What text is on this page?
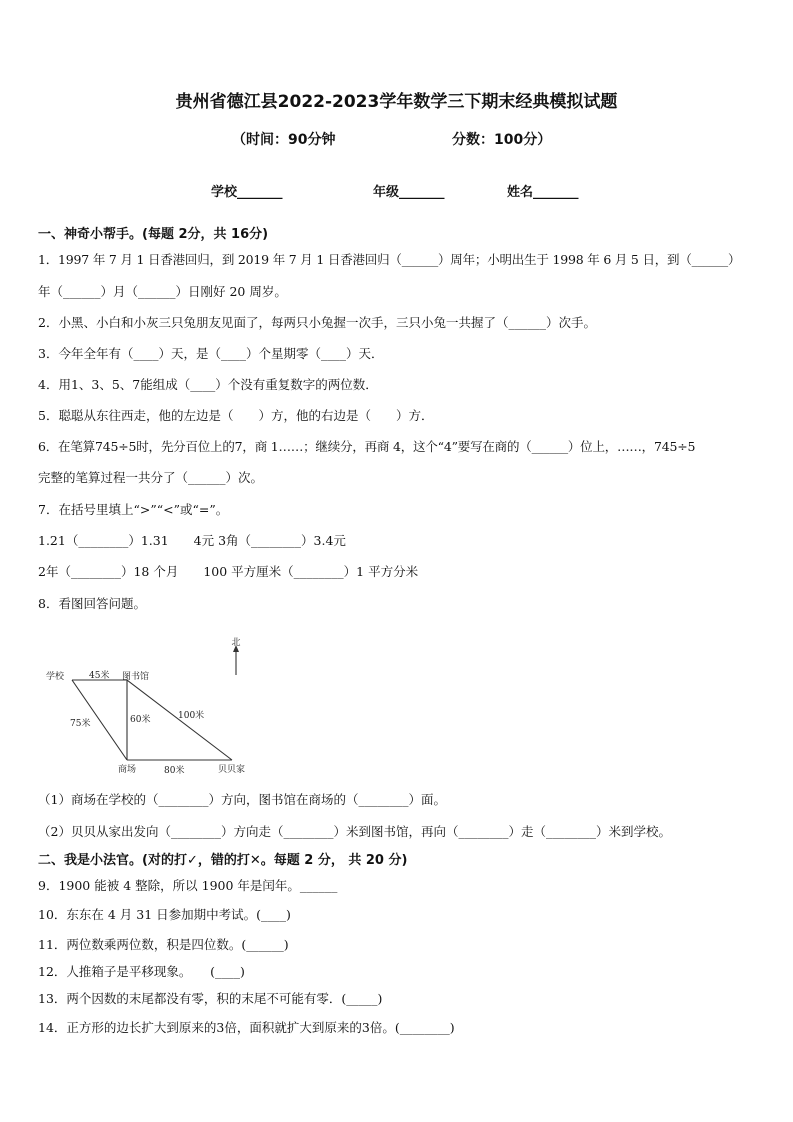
贵州省德江县2022-2023学年数学三下期末经典模拟试题
（时间：90分钟	分数：100分）
学校_______	年级_______	姓名_______
一、神奇小帮手。(每题 2分，共 16分)
1．1997 年 7 月 1 日香港回归，到 2019 年 7 月 1 日香港回归（______）周年；小明出生于 1998 年 6 月 5 日，到（______）
年（______）月（______）日刚好 20 周岁。
2．小黑、小白和小灰三只兔朋友见面了，每两只小兔握一次手，三只小兔一共握了（______）次手。
3．今年全年有（____）天，是（____）个星期零（____）天．
4．用1、3、5、7能组成（____）个没有重复数字的两位数．
5．聪聪从东往西走，他的左边是（　　）方，他的右边是（　　）方．
6．在笔算745÷5时，先分百位上的7，商 1……；继续分，再商 4，这个“4”要写在商的（______）位上，……，745÷5
完整的笔算过程一共分了（______）次。
7．在括号里填上“>”“<”或“=”。
1.21（________）1.31　　4元 3角（________）3.4元
2年（________）18 个月　　100 平方厘米（________）1 平方分米
8．看图回答问题。
北
学校	图书馆
商场	贝贝家
45米
75米	60米	100米
80米
（1）商场在学校的（________）方向，图书馆在商场的（________）面。
（2）贝贝从家出发向（________）方向走（________）米到图书馆，再向（________）走（________）米到学校。
二、我是小法官。(对的打✓，错的打✕。每题 2 分， 共 20 分)
9．1900 能被 4 整除，所以 1900 年是闰年。______
10．东东在 4 月 31 日参加期中考试。(____)
11．两位数乘两位数，积是四位数。(______)
12．人推箱子是平移现象。　　(____)
13．两个因数的末尾都没有零，积的末尾不可能有零．(_____)
14．正方形的边长扩大到原来的3倍，面积就扩大到原来的3倍。(________)
